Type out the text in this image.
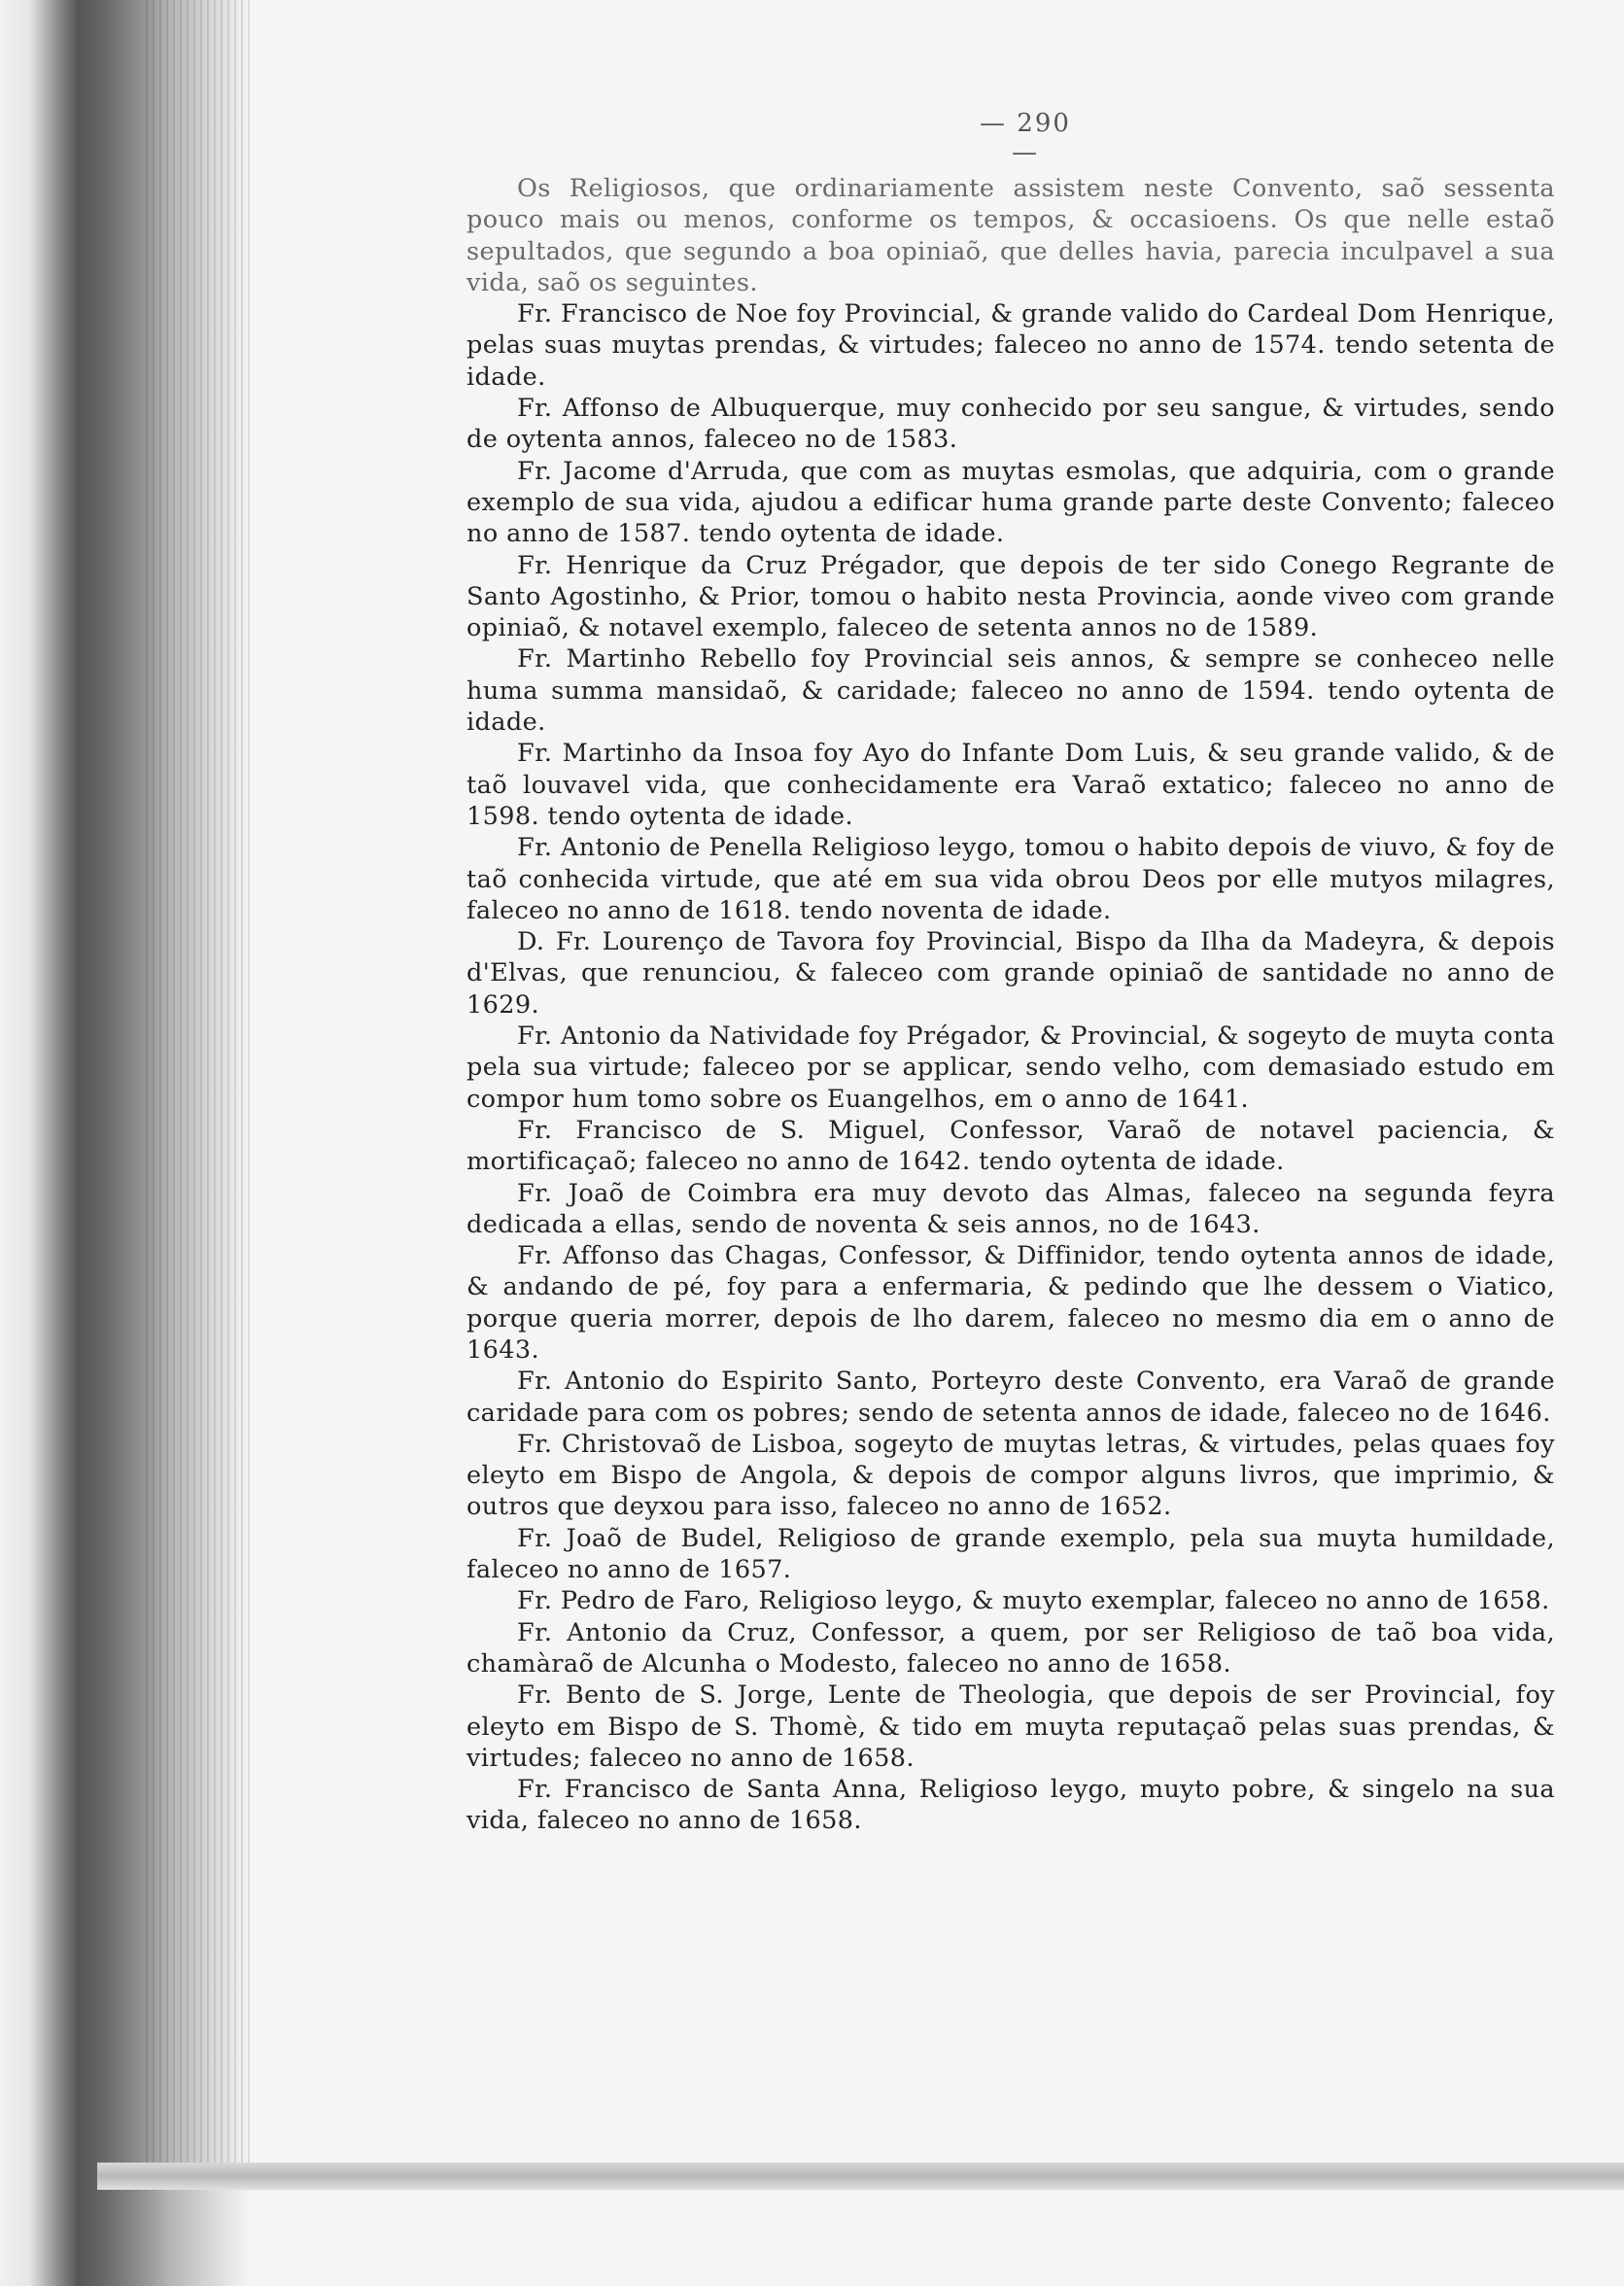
— 290 —

Os Religiosos, que ordinariamente assistem neste Convento, saõ sessenta pouco mais ou menos, conforme os tempos, & occasioens. Os que nelle estaõ sepultados, que segundo a boa opiniaõ, que delles havia, parecia inculpavel a sua vida, saõ os seguintes.

Fr. Francisco de Noe foy Provincial, & grande valido do Cardeal Dom Henrique, pelas suas muytas prendas, & virtudes; faleceo no anno de 1574. tendo setenta de idade.

Fr. Affonso de Albuquerque, muy conhecido por seu sangue, & virtudes, sendo de oytenta annos, faleceo no de 1583.

Fr. Jacome d'Arruda, que com as muytas esmolas, que adquiria, com o grande exemplo de sua vida, ajudou a edificar huma grande parte deste Convento; faleceo no anno de 1587. tendo oytenta de idade.

Fr. Henrique da Cruz Prégador, que depois de ter sido Conego Regrante de Santo Agostinho, & Prior, tomou o habito nesta Provincia, aonde viveo com grande opiniaõ, & notavel exemplo, faleceo de setenta annos no de 1589.

Fr. Martinho Rebello foy Provincial seis annos, & sempre se conheceo nelle huma summa mansidaõ, & caridade; faleceo no anno de 1594. tendo oytenta de idade.

Fr. Martinho da Insoa foy Ayo do Infante Dom Luis, & seu grande valido, & de taõ louvavel vida, que conhecidamente era Varaõ extatico; faleceo no anno de 1598. tendo oytenta de idade.

Fr. Antonio de Penella Religioso leygo, tomou o habito depois de viuvo, & foy de taõ conhecida virtude, que até em sua vida obrou Deos por elle mutyos milagres, faleceo no anno de 1618. tendo noventa de idade.

D. Fr. Lourenço de Tavora foy Provincial, Bispo da Ilha da Madeyra, & depois d'Elvas, que renunciou, & faleceo com grande opiniaõ de santidade no anno de 1629.

Fr. Antonio da Natividade foy Prégador, & Provincial, & sogeyto de muyta conta pela sua virtude; faleceo por se applicar, sendo velho, com demasiado estudo em compor hum tomo sobre os Euangelhos, em o anno de 1641.

Fr. Francisco de S. Miguel, Confessor, Varaõ de notavel paciencia, & mortificaçaõ; faleceo no anno de 1642. tendo oytenta de idade.

Fr. Joaõ de Coimbra era muy devoto das Almas, faleceo na segunda feyra dedicada a ellas, sendo de noventa & seis annos, no de 1643.

Fr. Affonso das Chagas, Confessor, & Diffinidor, tendo oytenta annos de idade, & andando de pé, foy para a enfermaria, & pedindo que lhe dessem o Viatico, porque queria morrer, depois de lho darem, faleceo no mesmo dia em o anno de 1643.

Fr. Antonio do Espirito Santo, Porteyro deste Convento, era Varaõ de grande caridade para com os pobres; sendo de setenta annos de idade, faleceo no de 1646.

Fr. Christovaõ de Lisboa, sogeyto de muytas letras, & virtudes, pelas quaes foy eleyto em Bispo de Angola, & depois de compor alguns livros, que imprimio, & outros que deyxou para isso, faleceo no anno de 1652.

Fr. Joaõ de Budel, Religioso de grande exemplo, pela sua muyta humildade, faleceo no anno de 1657.

Fr. Pedro de Faro, Religioso leygo, & muyto exemplar, faleceo no anno de 1658.

Fr. Antonio da Cruz, Confessor, a quem, por ser Religioso de taõ boa vida, chamàraõ de Alcunha o Modesto, faleceo no anno de 1658.

Fr. Bento de S. Jorge, Lente de Theologia, que depois de ser Provincial, foy eleyto em Bispo de S. Thomè, & tido em muyta reputaçaõ pelas suas prendas, & virtudes; faleceo no anno de 1658.

Fr. Francisco de Santa Anna, Religioso leygo, muyto pobre, & singelo na sua vida, faleceo no anno de 1658.
